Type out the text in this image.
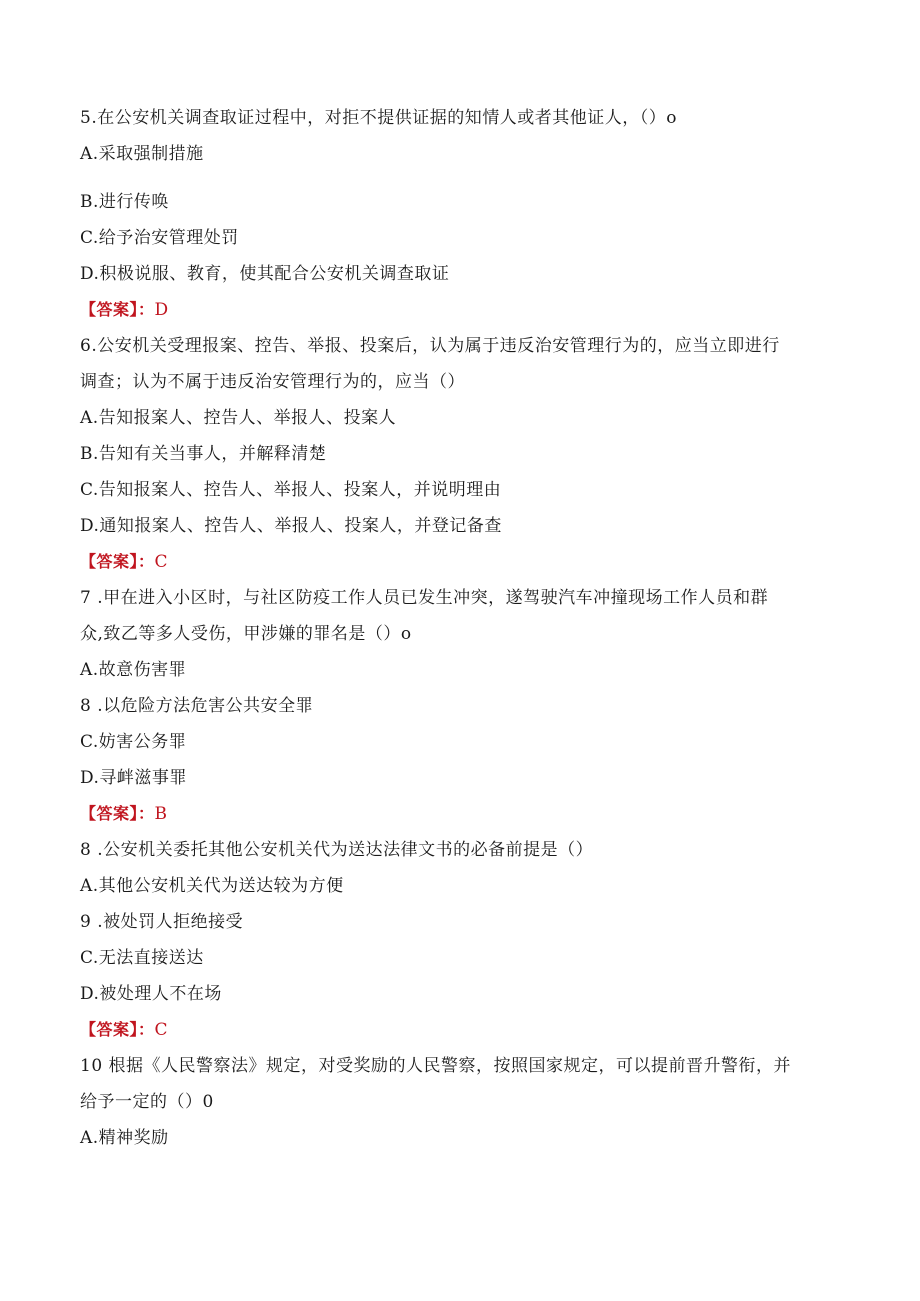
5.在公安机关调查取证过程中，对拒不提供证据的知情人或者其他证人，（）o
A.采取强制措施
B.进行传唤
C.给予治安管理处罚
D.积极说服、教育，使其配合公安机关调查取证
【答案】：D
6.公安机关受理报案、控告、举报、投案后，认为属于违反治安管理行为的，应当立即进行
调查；认为不属于违反治安管理行为的，应当（）
A.告知报案人、控告人、举报人、投案人
B.告知有关当事人，并解释清楚
C.告知报案人、控告人、举报人、投案人，并说明理由
D.通知报案人、控告人、举报人、投案人，并登记备查
【答案】：C
7 .甲在进入小区时，与社区防疫工作人员已发生冲突，遂驾驶汽车冲撞现场工作人员和群
众,致乙等多人受伤，甲涉嫌的罪名是（）o
A.故意伤害罪
8 .以危险方法危害公共安全罪
C.妨害公务罪
D.寻衅滋事罪
【答案】：B
8 .公安机关委托其他公安机关代为送达法律文书的必备前提是（）
A.其他公安机关代为送达较为方便
9 .被处罚人拒绝接受
C.无法直接送达
D.被处理人不在场
【答案】：C
10 根据《人民警察法》规定，对受奖励的人民警察，按照国家规定，可以提前晋升警衔，并
给予一定的（）0
A.精神奖励
